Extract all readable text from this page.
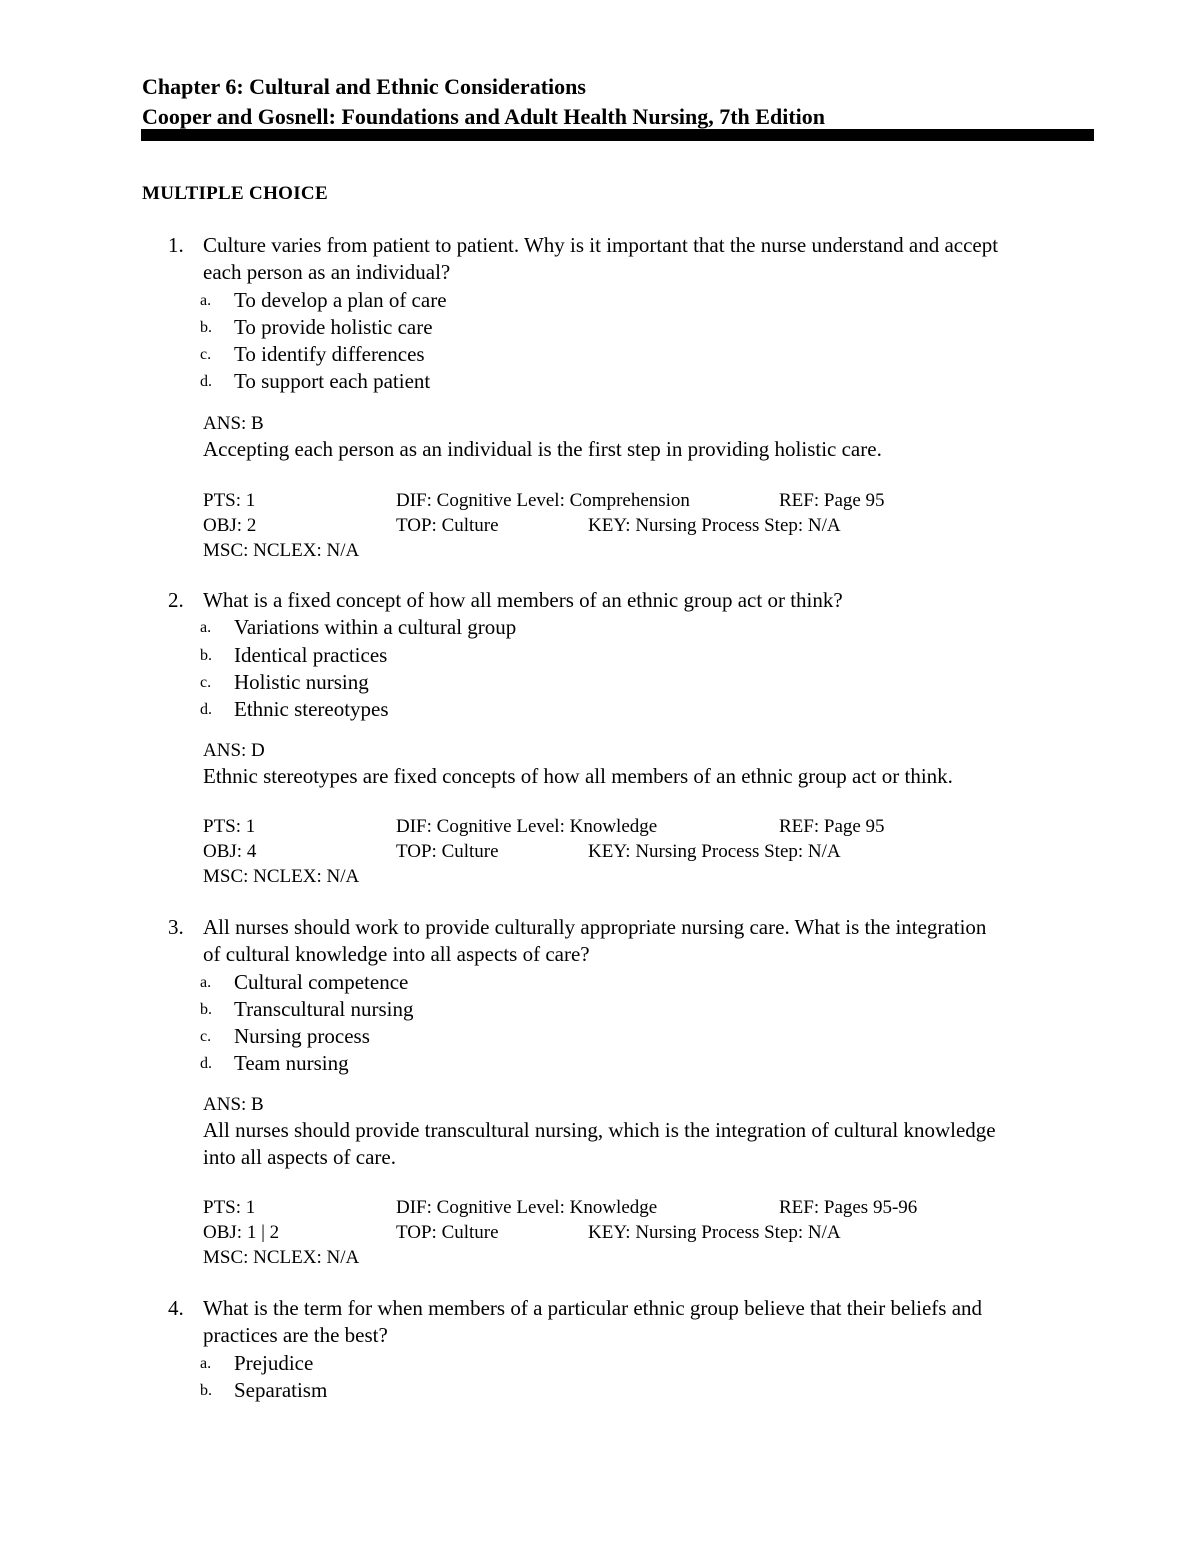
Chapter 6: Cultural and Ethnic Considerations
Cooper and Gosnell: Foundations and Adult Health Nursing, 7th Edition
MULTIPLE CHOICE
1. Culture varies from patient to patient. Why is it important that the nurse understand and accept
each person as an individual?
a. To develop a plan of care
b. To provide holistic care
c. To identify differences
d. To support each patient
ANS: B
Accepting each person as an individual is the first step in providing holistic care.
PTS: 1	DIF: Cognitive Level: Comprehension	REF: Page 95
OBJ: 2	TOP: Culture	KEY: Nursing Process Step: N/A
MSC: NCLEX: N/A
2. What is a fixed concept of how all members of an ethnic group act or think?
a. Variations within a cultural group
b. Identical practices
c. Holistic nursing
d. Ethnic stereotypes
ANS: D
Ethnic stereotypes are fixed concepts of how all members of an ethnic group act or think.
PTS: 1	DIF: Cognitive Level: Knowledge	REF: Page 95
OBJ: 4	TOP: Culture	KEY: Nursing Process Step: N/A
MSC: NCLEX: N/A
3. All nurses should work to provide culturally appropriate nursing care. What is the integration
of cultural knowledge into all aspects of care?
a. Cultural competence
b. Transcultural nursing
c. Nursing process
d. Team nursing
ANS: B
All nurses should provide transcultural nursing, which is the integration of cultural knowledge
into all aspects of care.
PTS: 1	DIF: Cognitive Level: Knowledge	REF: Pages 95-96
OBJ: 1 | 2	TOP: Culture	KEY: Nursing Process Step: N/A
MSC: NCLEX: N/A
4. What is the term for when members of a particular ethnic group believe that their beliefs and
practices are the best?
a. Prejudice
b. Separatism
